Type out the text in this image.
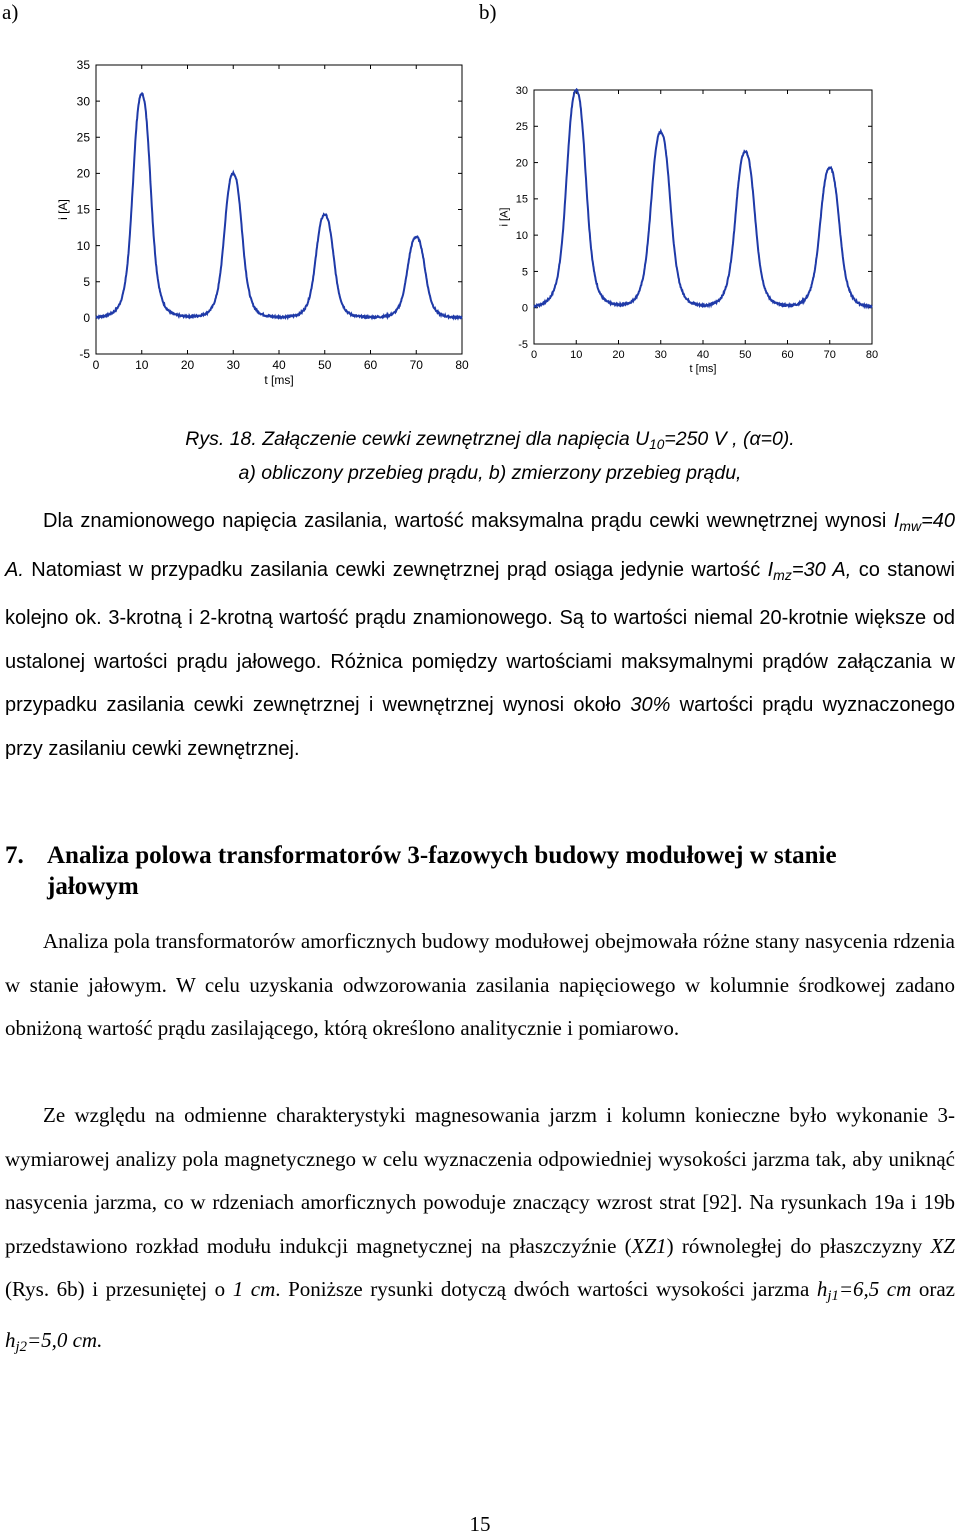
a)	b)
0	10	20	30	40	50	60	70	80
-5
0
5
10
15
20
25
30
35
t [ms]
i [A]
0	10	20	30	40	50	60	70	80
-5
0
5
10
15
20
25
30
t [ms]
i [A]
Rys. 18. Załączenie cewki zewnętrznej dla napięcia $U_{10}=250$ V , (α=0).
a) obliczony przebieg prądu, b) zmierzony przebieg prądu,
Dla znamionowego napięcia zasilania, wartość maksymalna prądu cewki wewnętrznej wynosi $I_{mw}=40$ A. Natomiast w przypadku zasilania cewki zewnętrznej prąd osiąga jedynie wartość $I_{mz}=30$ A, co stanowi kolejno ok. 3-krotną i 2-krotną wartość prądu znamionowego. Są to wartości niemal 20-krotnie większe od ustalonej wartości prądu jałowego. Różnica pomiędzy wartościami maksymalnymi prądów załączania w przypadku zasilania cewki zewnętrznej i wewnętrznej wynosi około 30% wartości prądu wyznaczonego przy zasilaniu cewki zewnętrznej.
7. Analiza polowa transformatorów 3-fazowych budowy modułowej w stanie
jałowym
Analiza pola transformatorów amorficznych budowy modułowej obejmowała różne stany nasycenia rdzenia w stanie jałowym. W celu uzyskania odwzorowania zasilania napięciowego w kolumnie środkowej zadano obniżoną wartość prądu zasilającego, którą określono analitycznie i pomiarowo.
Ze względu na odmienne charakterystyki magnesowania jarzm i kolumn konieczne było wykonanie 3-wymiarowej analizy pola magnetycznego w celu wyznaczenia odpowiedniej wysokości jarzma tak, aby uniknąć nasycenia jarzma, co w rdzeniach amorficznych powoduje znaczący wzrost strat [92]. Na rysunkach 19a i 19b przedstawiono rozkład modułu indukcji magnetycznej na płaszczyźnie (XZ1) równoległej do płaszczyzny XZ (Rys. 6b) i przesuniętej o 1 cm. Poniższe rysunki dotyczą dwóch wartości wysokości jarzma $h_{j1}=6,5$ cm oraz $h_{j2}=5,0$ cm.
15
